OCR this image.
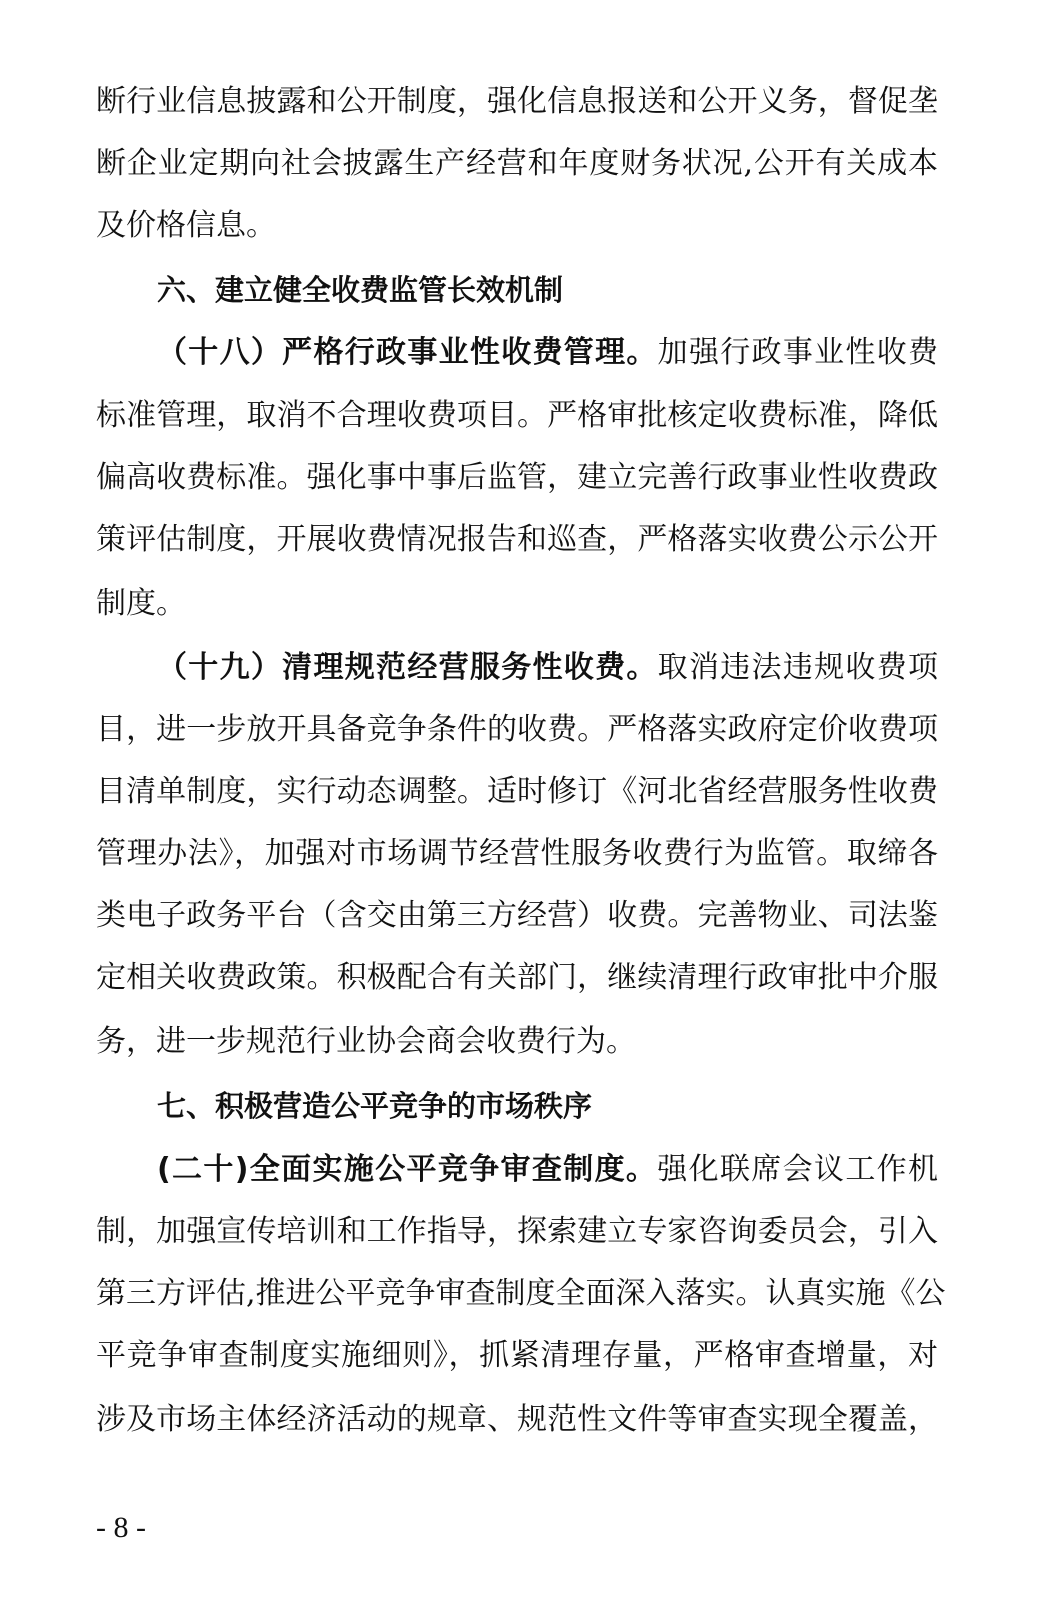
断行业信息披露和公开制度，强化信息报送和公开义务，督促垄
断企业定期向社会披露生产经营和年度财务状况,公开有关成本
及价格信息。
六、建立健全收费监管长效机制
（十八）严格行政事业性收费管理。加强行政事业性收费
标准管理，取消不合理收费项目。严格审批核定收费标准，降低
偏高收费标准。强化事中事后监管，建立完善行政事业性收费政
策评估制度，开展收费情况报告和巡查，严格落实收费公示公开
制度。
（十九）清理规范经营服务性收费。取消违法违规收费项
目，进一步放开具备竞争条件的收费。严格落实政府定价收费项
目清单制度，实行动态调整。适时修订《河北省经营服务性收费
管理办法》，加强对市场调节经营性服务收费行为监管。取缔各
类电子政务平台（含交由第三方经营）收费。完善物业、司法鉴
定相关收费政策。积极配合有关部门，继续清理行政审批中介服
务，进一步规范行业协会商会收费行为。
七、积极营造公平竞争的市场秩序
(二十)全面实施公平竞争审查制度。强化联席会议工作机
制，加强宣传培训和工作指导，探索建立专家咨询委员会，引入
第三方评估,推进公平竞争审查制度全面深入落实。认真实施《公
平竞争审查制度实施细则》，抓紧清理存量，严格审查增量，对
涉及市场主体经济活动的规章、规范性文件等审查实现全覆盖，
- 8 -
